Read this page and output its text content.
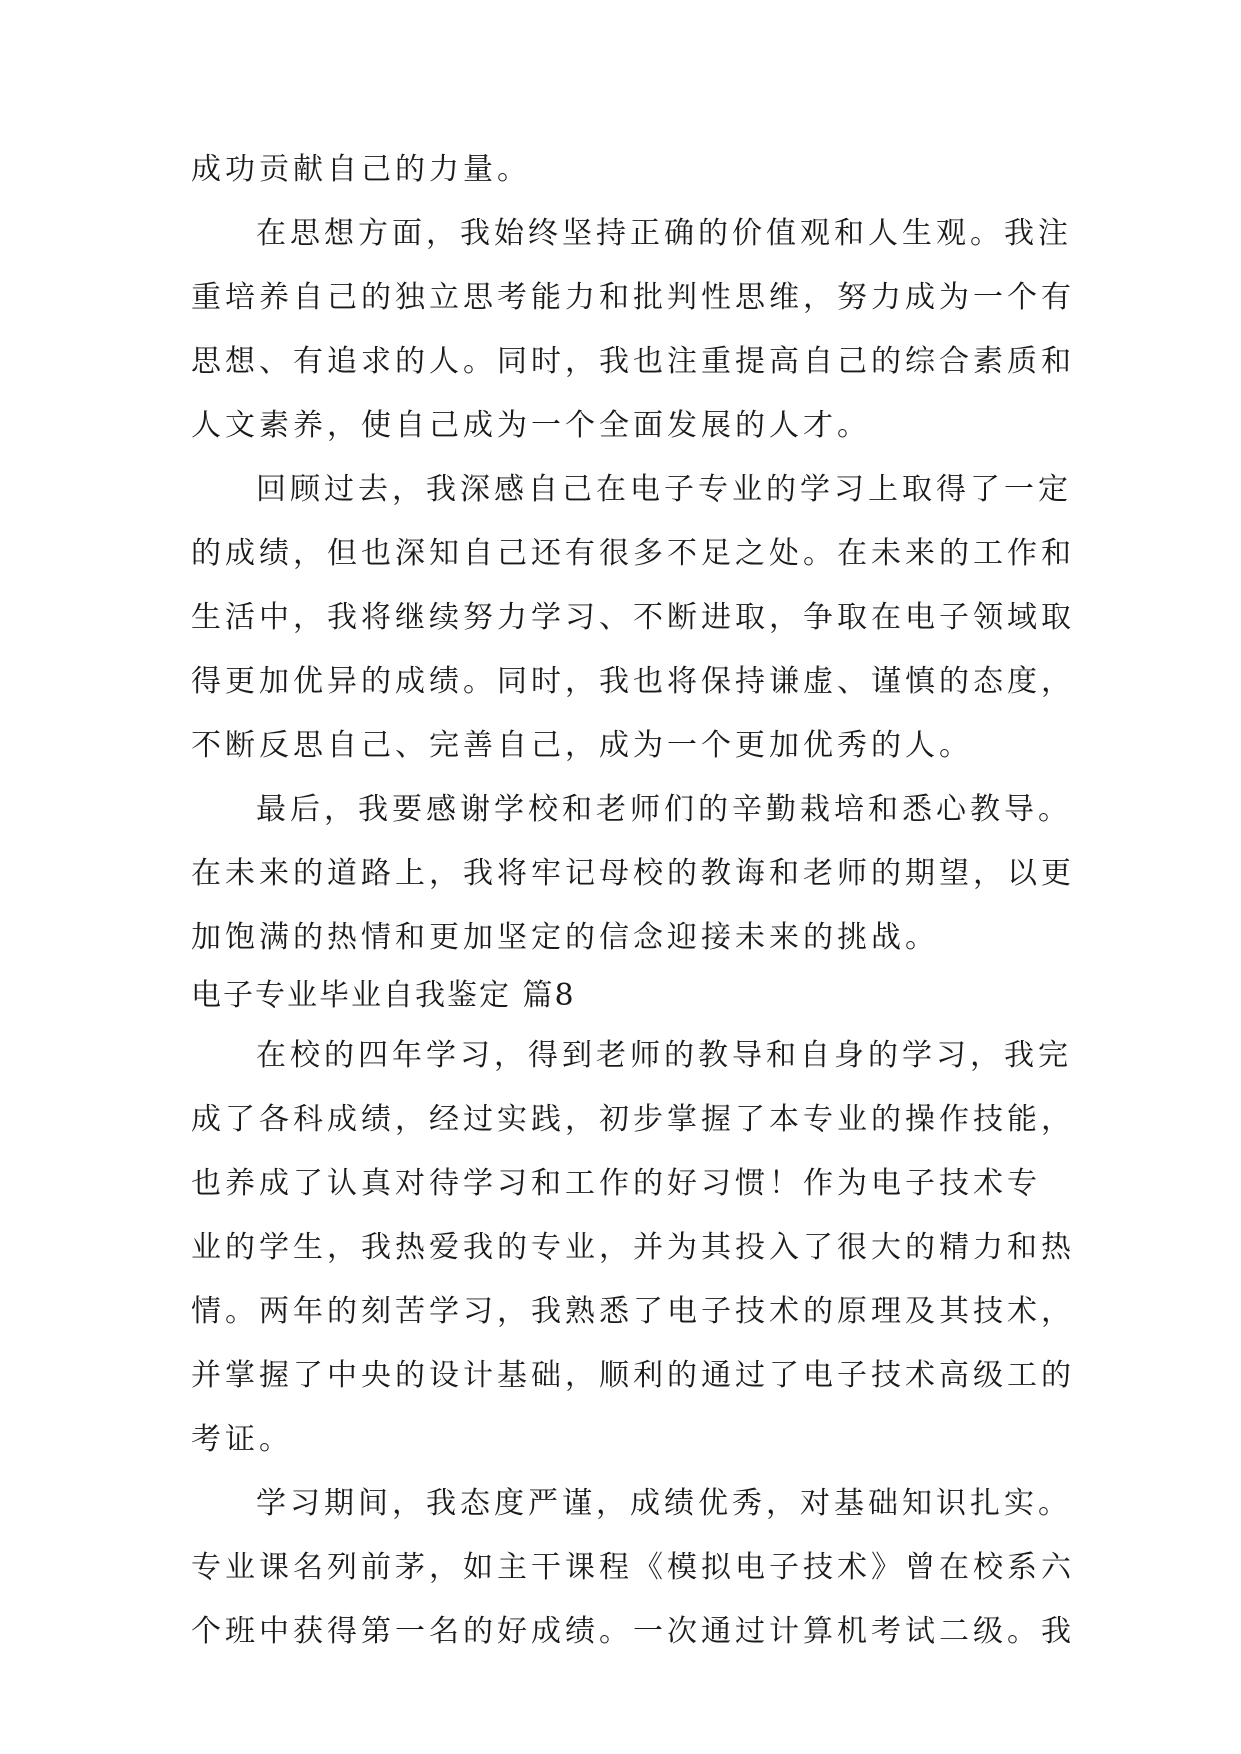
成功贡献自己的力量。
在思想方面，我始终坚持正确的价值观和人生观。我注
重培养自己的独立思考能力和批判性思维，努力成为一个有
思想、有追求的人。同时，我也注重提高自己的综合素质和
人文素养，使自己成为一个全面发展的人才。
回顾过去，我深感自己在电子专业的学习上取得了一定
的成绩，但也深知自己还有很多不足之处。在未来的工作和
生活中，我将继续努力学习、不断进取，争取在电子领域取
得更加优异的成绩。同时，我也将保持谦虚、谨慎的态度，
不断反思自己、完善自己，成为一个更加优秀的人。
最后，我要感谢学校和老师们的辛勤栽培和悉心教导。
在未来的道路上，我将牢记母校的教诲和老师的期望，以更
加饱满的热情和更加坚定的信念迎接未来的挑战。
电子专业毕业自我鉴定 篇8
在校的四年学习，得到老师的教导和自身的学习，我完
成了各科成绩，经过实践，初步掌握了本专业的操作技能，
也养成了认真对待学习和工作的好习惯！作为电子技术专
业的学生，我热爱我的专业，并为其投入了很大的精力和热
情。两年的刻苦学习，我熟悉了电子技术的原理及其技术，
并掌握了中央的设计基础，顺利的通过了电子技术高级工的
考证。
学习期间，我态度严谨，成绩优秀，对基础知识扎实。
专业课名列前茅，如主干课程《模拟电子技术》曾在校系六
个班中获得第一名的好成绩。一次通过计算机考试二级。我
